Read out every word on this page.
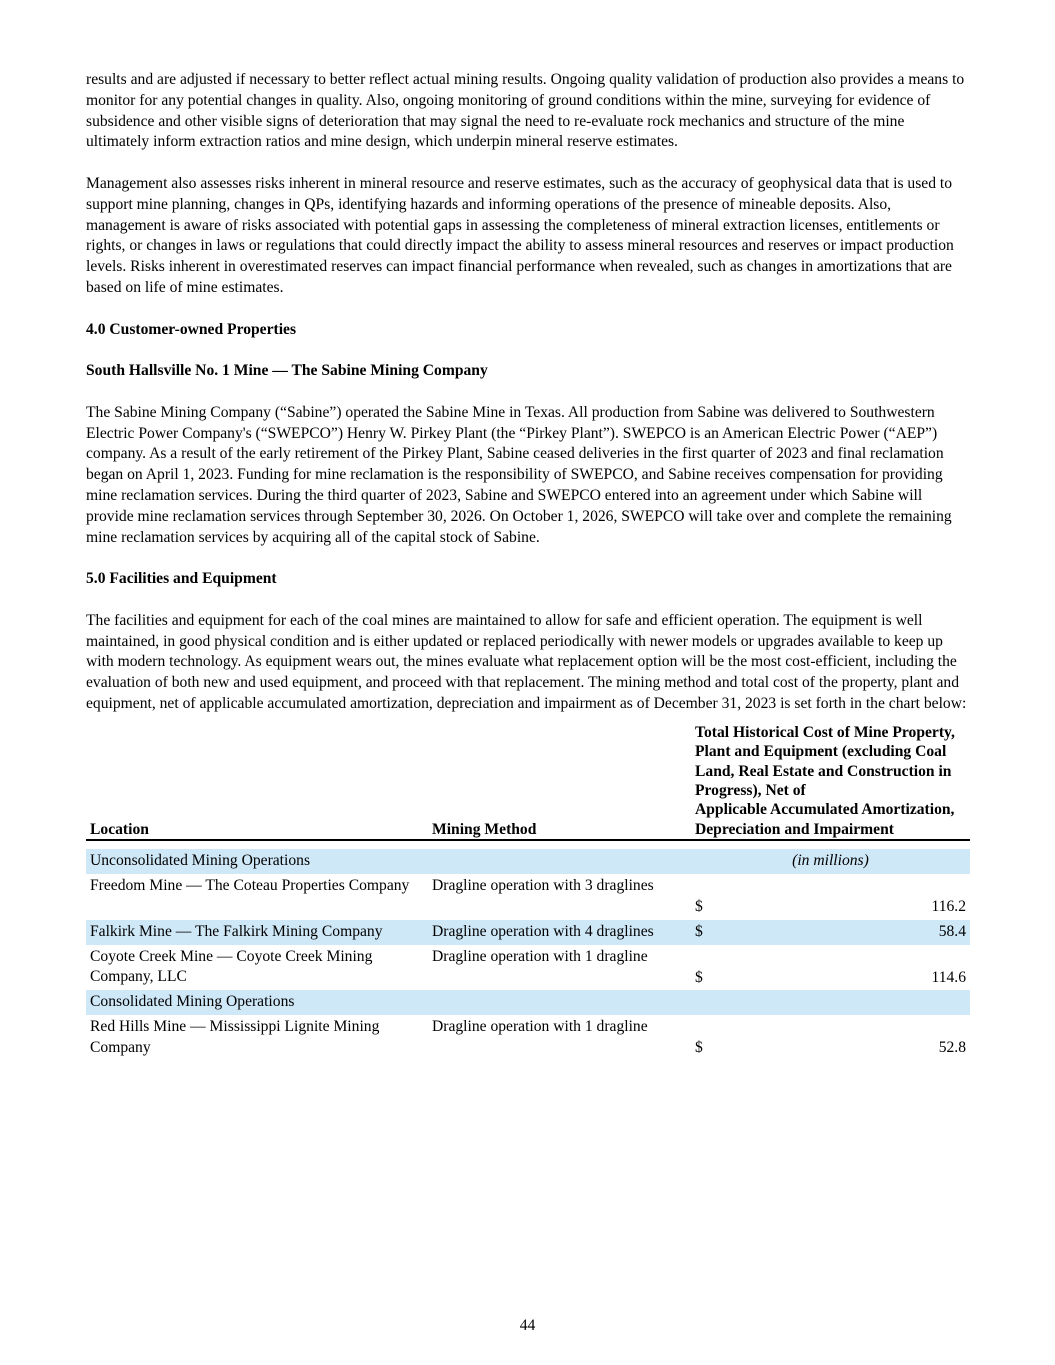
results and are adjusted if necessary to better reflect actual mining results. Ongoing quality validation of production also provides a means to monitor for any potential changes in quality. Also, ongoing monitoring of ground conditions within the mine, surveying for evidence of subsidence and other visible signs of deterioration that may signal the need to re-evaluate rock mechanics and structure of the mine ultimately inform extraction ratios and mine design, which underpin mineral reserve estimates.

Management also assesses risks inherent in mineral resource and reserve estimates, such as the accuracy of geophysical data that is used to support mine planning, changes in QPs, identifying hazards and informing operations of the presence of mineable deposits. Also, management is aware of risks associated with potential gaps in assessing the completeness of mineral extraction licenses, entitlements or rights, or changes in laws or regulations that could directly impact the ability to assess mineral resources and reserves or impact production levels. Risks inherent in overestimated reserves can impact financial performance when revealed, such as changes in amortizations that are based on life of mine estimates.

4.0 Customer-owned Properties
South Hallsville No. 1 Mine — The Sabine Mining Company

The Sabine Mining Company (“Sabine”) operated the Sabine Mine in Texas. All production from Sabine was delivered to Southwestern Electric Power Company's (“SWEPCO”) Henry W. Pirkey Plant (the “Pirkey Plant”). SWEPCO is an American Electric Power (“AEP”) company. As a result of the early retirement of the Pirkey Plant, Sabine ceased deliveries in the first quarter of 2023 and final reclamation began on April 1, 2023. Funding for mine reclamation is the responsibility of SWEPCO, and Sabine receives compensation for providing mine reclamation services. During the third quarter of 2023, Sabine and SWEPCO entered into an agreement under which Sabine will provide mine reclamation services through September 30, 2026. On October 1, 2026, SWEPCO will take over and complete the remaining mine reclamation services by acquiring all of the capital stock of Sabine.

5.0 Facilities and Equipment

The facilities and equipment for each of the coal mines are maintained to allow for safe and efficient operation. The equipment is well maintained, in good physical condition and is either updated or replaced periodically with newer models or upgrades available to keep up with modern technology. As equipment wears out, the mines evaluate what replacement option will be the most cost-efficient, including the evaluation of both new and used equipment, and proceed with that replacement. The mining method and total cost of the property, plant and equipment, net of applicable accumulated amortization, depreciation and impairment as of December 31, 2023 is set forth in the chart below:

Location	Mining Method	Total Historical Cost of Mine Property, Plant and Equipment (excluding Coal Land, Real Estate and Construction in Progress), Net of
Applicable Accumulated Amortization, Depreciation and Impairment

Unconsolidated Mining Operations		(in millions)
Freedom Mine — The Coteau Properties Company	Dragline operation with 3 draglines	$ 116.2

Falkirk Mine — The Falkirk Mining Company	Dragline operation with 4 draglines	$ 58.4

Coyote Creek Mine — Coyote Creek Mining Company, LLC	Dragline operation with 1 dragline	$ 114.6

Consolidated Mining Operations		
Red Hills Mine — Mississippi Lignite Mining Company	Dragline operation with 1 dragline	$ 52.8
44
